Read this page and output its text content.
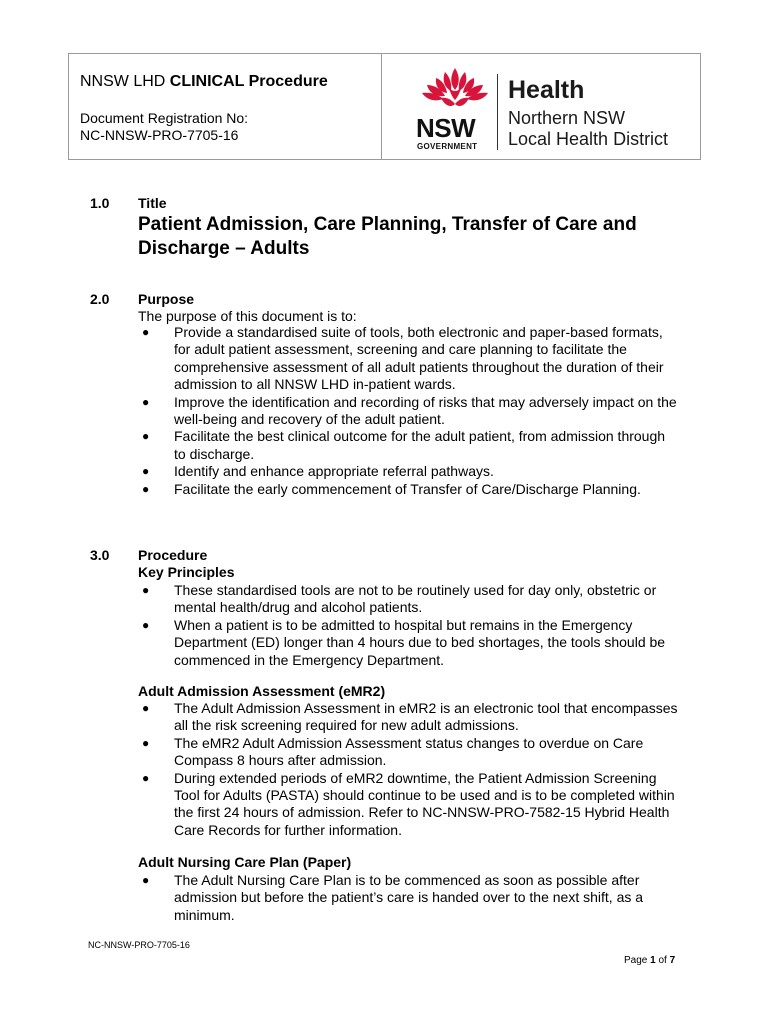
NNSW LHD CLINICAL Procedure
Document Registration No:
NC-NNSW-PRO-7705-16	NSW
GOVERNMENT
Health
Northern NSW
Local Health District
1.0 Title
Patient Admission, Care Planning, Transfer of Care and Discharge – Adults
2.0 Purpose
The purpose of this document is to:
● Provide a standardised suite of tools, both electronic and paper-based formats, for adult patient assessment, screening and care planning to facilitate the comprehensive assessment of all adult patients throughout the duration of their admission to all NNSW LHD in-patient wards.
● Improve the identification and recording of risks that may adversely impact on the well-being and recovery of the adult patient.
● Facilitate the best clinical outcome for the adult patient, from admission through to discharge.
● Identify and enhance appropriate referral pathways.
● Facilitate the early commencement of Transfer of Care/Discharge Planning.
3.0 Procedure
Key Principles
● These standardised tools are not to be routinely used for day only, obstetric or mental health/drug and alcohol patients.
● When a patient is to be admitted to hospital but remains in the Emergency Department (ED) longer than 4 hours due to bed shortages, the tools should be commenced in the Emergency Department.
Adult Admission Assessment (eMR2)
● The Adult Admission Assessment in eMR2 is an electronic tool that encompasses all the risk screening required for new adult admissions.
● The eMR2 Adult Admission Assessment status changes to overdue on Care Compass 8 hours after admission.
● During extended periods of eMR2 downtime, the Patient Admission Screening Tool for Adults (PASTA) should continue to be used and is to be completed within the first 24 hours of admission. Refer to NC-NNSW-PRO-7582-15 Hybrid Health Care Records for further information.
Adult Nursing Care Plan (Paper)
● The Adult Nursing Care Plan is to be commenced as soon as possible after admission but before the patient’s care is handed over to the next shift, as a minimum.
NC-NNSW-PRO-7705-16
Page 1 of 7
